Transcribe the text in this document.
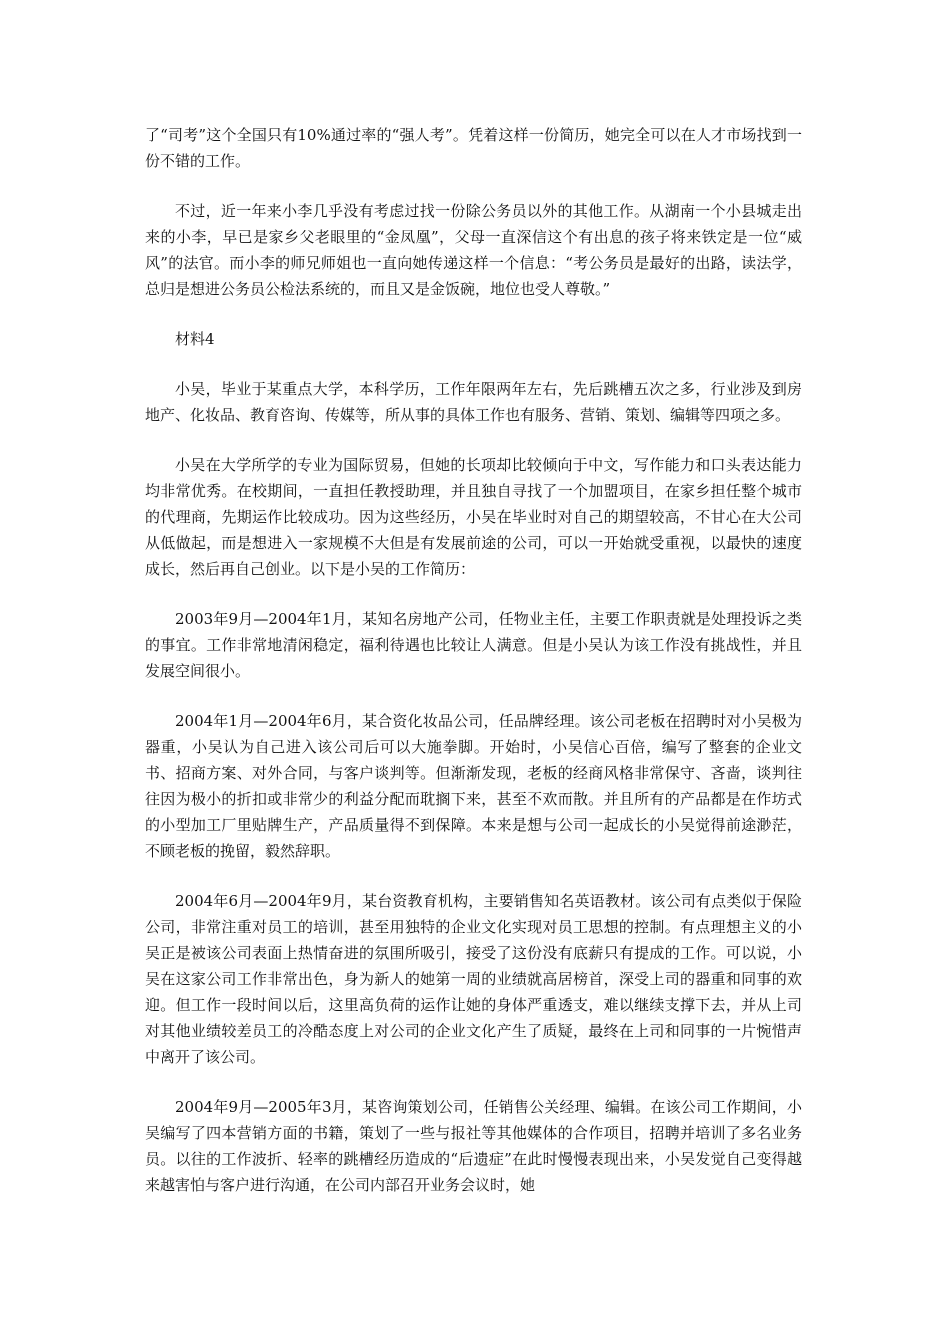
了“司考”这个全国只有10%通过率的“强人考”。凭着这样一份简历，她完全可以在人才市场找到一份不错的工作。

不过，近一年来小李几乎没有考虑过找一份除公务员以外的其他工作。从湖南一个小县城走出来的小李，早已是家乡父老眼里的“金凤凰”，父母一直深信这个有出息的孩子将来铁定是一位“威风”的法官。而小李的师兄师姐也一直向她传递这样一个信息：“考公务员是最好的出路，读法学，总归是想进公务员公检法系统的，而且又是金饭碗，地位也受人尊敬。”

材料4

小吴，毕业于某重点大学，本科学历，工作年限两年左右，先后跳槽五次之多，行业涉及到房地产、化妆品、教育咨询、传媒等，所从事的具体工作也有服务、营销、策划、编辑等四项之多。

小吴在大学所学的专业为国际贸易，但她的长项却比较倾向于中文，写作能力和口头表达能力均非常优秀。在校期间，一直担任教授助理，并且独自寻找了一个加盟项目，在家乡担任整个城市的代理商，先期运作比较成功。因为这些经历，小吴在毕业时对自己的期望较高，不甘心在大公司从低做起，而是想进入一家规模不大但是有发展前途的公司，可以一开始就受重视，以最快的速度成长，然后再自己创业。以下是小吴的工作简历：

2003年9月—2004年1月，某知名房地产公司，任物业主任，主要工作职责就是处理投诉之类的事宜。工作非常地清闲稳定，福利待遇也比较让人满意。但是小吴认为该工作没有挑战性，并且发展空间很小。

2004年1月—2004年6月，某合资化妆品公司，任品牌经理。该公司老板在招聘时对小吴极为器重，小吴认为自己进入该公司后可以大施拳脚。开始时，小吴信心百倍，编写了整套的企业文书、招商方案、对外合同，与客户谈判等。但渐渐发现，老板的经商风格非常保守、吝啬，谈判往往因为极小的折扣或非常少的利益分配而耽搁下来，甚至不欢而散。并且所有的产品都是在作坊式的小型加工厂里贴牌生产，产品质量得不到保障。本来是想与公司一起成长的小吴觉得前途渺茫，不顾老板的挽留，毅然辞职。

2004年6月—2004年9月，某台资教育机构，主要销售知名英语教材。该公司有点类似于保险公司，非常注重对员工的培训，甚至用独特的企业文化实现对员工思想的控制。有点理想主义的小吴正是被该公司表面上热情奋进的氛围所吸引，接受了这份没有底薪只有提成的工作。可以说，小吴在这家公司工作非常出色，身为新人的她第一周的业绩就高居榜首，深受上司的器重和同事的欢迎。但工作一段时间以后，这里高负荷的运作让她的身体严重透支，难以继续支撑下去，并从上司对其他业绩较差员工的冷酷态度上对公司的企业文化产生了质疑，最终在上司和同事的一片惋惜声中离开了该公司。

2004年9月—2005年3月，某咨询策划公司，任销售公关经理、编辑。在该公司工作期间，小吴编写了四本营销方面的书籍，策划了一些与报社等其他媒体的合作项目，招聘并培训了多名业务员。以往的工作波折、轻率的跳槽经历造成的“后遗症”在此时慢慢表现出来，小吴发觉自己变得越来越害怕与客户进行沟通，在公司内部召开业务会议时，她
